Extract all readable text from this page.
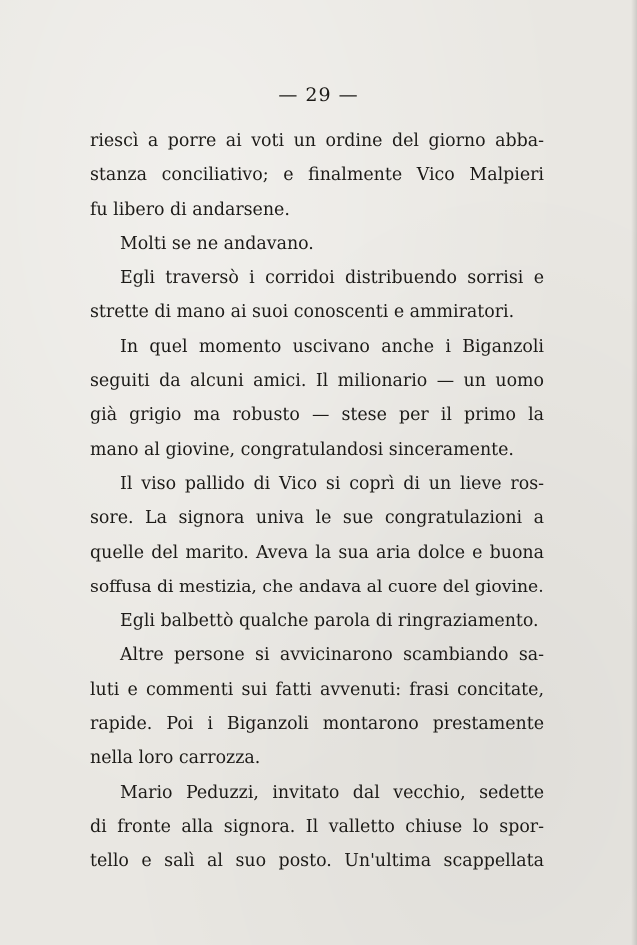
— 29 —
riescì a porre ai voti un ordine del giorno abba-
stanza conciliativo; e finalmente Vico Malpieri
fu libero di andarsene.
Molti se ne andavano.
Egli traversò i corridoi distribuendo sorrisi e
strette di mano ai suoi conoscenti e ammiratori.
In quel momento uscivano anche i Biganzoli
seguiti da alcuni amici. Il milionario — un uomo
già grigio ma robusto — stese per il primo la
mano al giovine, congratulandosi sinceramente.
Il viso pallido di Vico si coprì di un lieve ros-
sore. La signora univa le sue congratulazioni a
quelle del marito. Aveva la sua aria dolce e buona
soffusa di mestizia, che andava al cuore del giovine.
Egli balbettò qualche parola di ringraziamento.
Altre persone si avvicinarono scambiando sa-
luti e commenti sui fatti avvenuti: frasi concitate,
rapide. Poi i Biganzoli montarono prestamente
nella loro carrozza.
Mario Peduzzi, invitato dal vecchio, sedette
di fronte alla signora. Il valletto chiuse lo spor-
tello e salì al suo posto. Un'ultima scappellata
